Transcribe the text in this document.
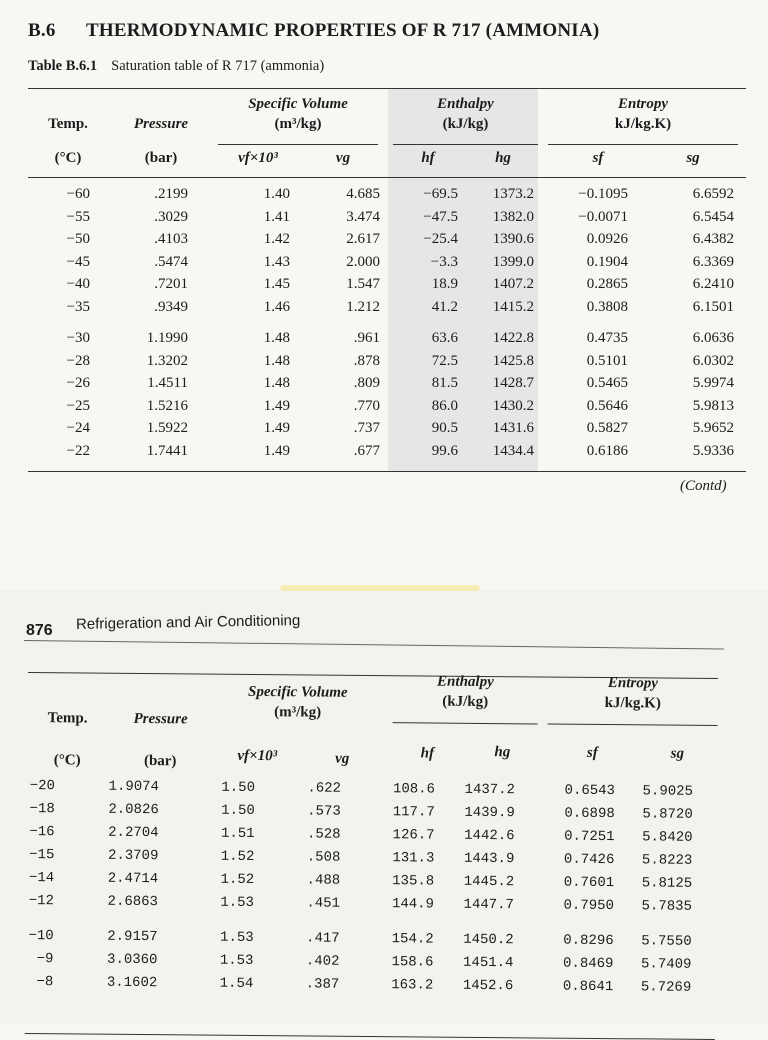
B.6 THERMODYNAMIC PROPERTIES OF R 717 (AMMONIA)
Table B.6.1 Saturation table of R 717 (ammonia)
Temp.	Pressure
Specific Volume
(m³/kg)
Enthalpy
(kJ/kg)
Entropy
kJ/kg.K)
(°C)	(bar)	vf×10³	vg	hf	hg	sf	sg
−60	.2199	1.40	4.685	−69.5 1373.2	−0.1095	6.6592
−55	.3029	1.41	3.474	−47.5 1382.0	−0.0071	6.5454
−50	.4103	1.42	2.617	−25.4 1390.6	0.0926	6.4382
−45	.5474	1.43	2.000	−3.3 1399.0	0.1904	6.3369
−40	.7201	1.45	1.547	18.9 1407.2	0.2865	6.2410
−35	.9349	1.46	1.212	41.2 1415.2	0.3808	6.1501
−30	1.1990	1.48	.961	63.6 1422.8	0.4735	6.0636
−28	1.3202	1.48	.878	72.5 1425.8	0.5101	6.0302
−26	1.4511	1.48	.809	81.5 1428.7	0.5465	5.9974
−25	1.5216	1.49	.770	86.0 1430.2	0.5646	5.9813
−24	1.5922	1.49	.737	90.5 1431.6	0.5827	5.9652
−22	1.7441	1.49	.677	99.6 1434.4	0.6186	5.9336
(Contd)
876 Refrigeration and Air Conditioning
Temp.	Pressure
Specific Volume
(m³/kg)
Enthalpy
(kJ/kg)
Entropy
kJ/kg.K)
(°C)	(bar)	vf×10³	vg	hf	hg	sf	sg
−20	1.9074	1.50	.622	108.6 1437.2	0.6543 5.9025
−18	2.0826	1.50	.573	117.7 1439.9	0.6898 5.8720
−16	2.2704	1.51	.528	126.7 1442.6	0.7251 5.8420
−15	2.3709	1.52	.508	131.3 1443.9	0.7426 5.8223
−14	2.4714	1.52	.488	135.8 1445.2	0.7601 5.8125
−12	2.6863	1.53	.451	144.9 1447.7	0.7950 5.7835
−10	2.9157	1.53	.417	154.2 1450.2	0.8296 5.7550
−9	3.0360	1.53	.402	158.6 1451.4	0.8469 5.7409
−8	3.1602	1.54	.387	163.2 1452.6	0.8641 5.7269
